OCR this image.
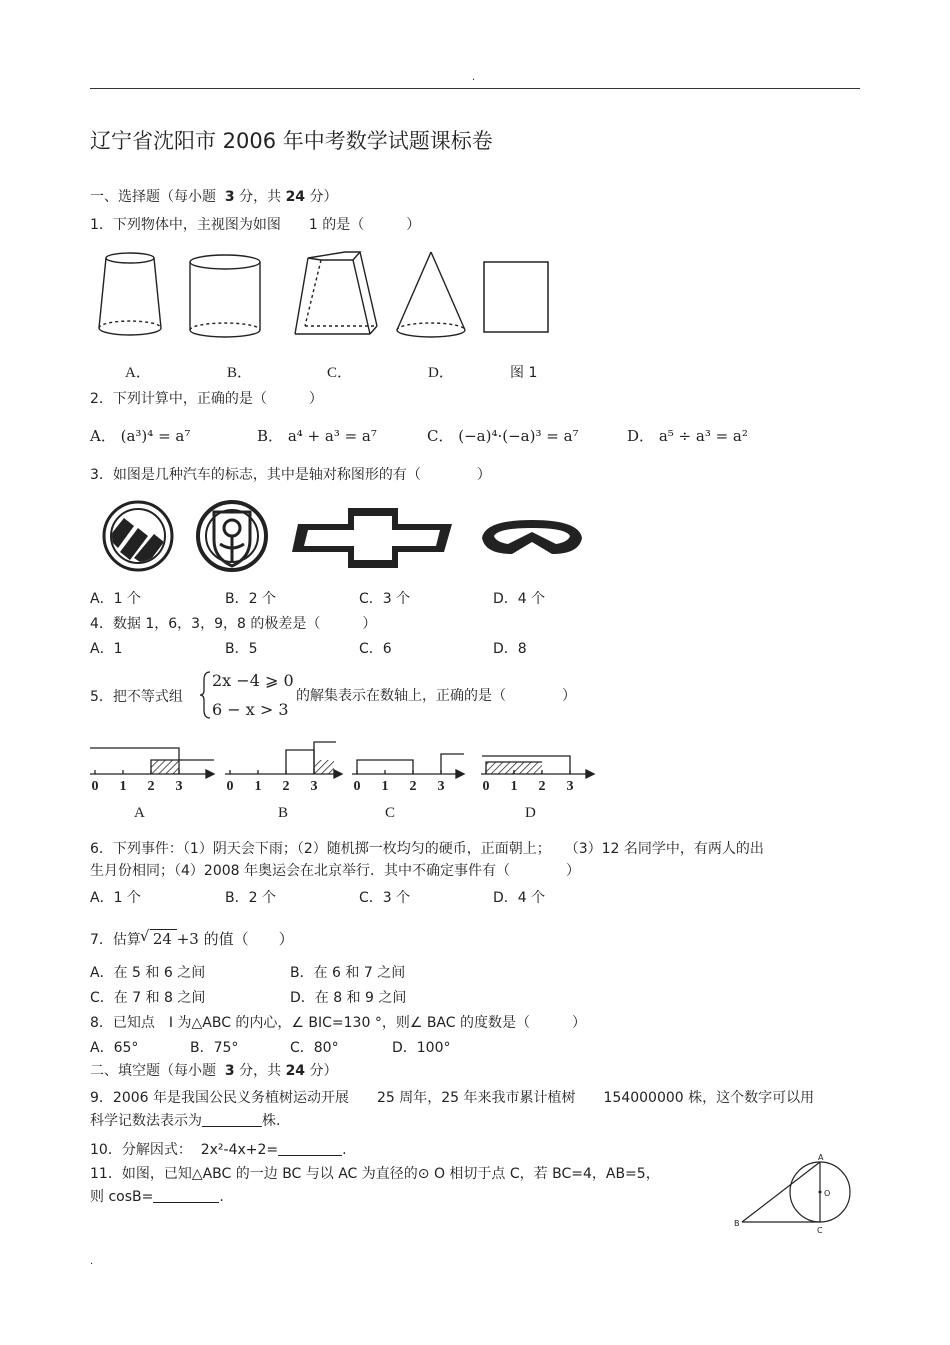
.
辽宁省沈阳市 2006 年中考数学试题课标卷
一、选择题（每小题 3 分，共 24 分）
1．下列物体中，主视图为如图　　1 的是（　　　）
A．	B．	C．	D．	图 1
2．下列计算中，正确的是（　　　）
A． (a³)⁴ = a⁷	B． a⁴ + a³ = a⁷	C． (−a)⁴·(−a)³ = a⁷	D． a⁵ ÷ a³ = a²
3．如图是几种汽车的标志，其中是轴对称图形的有（　　　　）
A．1 个	B．2 个	C．3 个	D．4 个
4．数据 1，6，3，9，8 的极差是（　　　）
A．1	B．5	C．6	D．8
5．把不等式组
2x −4 ⩾ 0
6 − x > 3
的解集表示在数轴上，正确的是（　　　　）
0 1 2 3	0 1 2 3	0 1 2 3	0 1 2 3
A	B	C	D
6．下列事件：（1）阴天会下雨；（2）随机掷一枚均匀的硬币，正面朝上；　　（3）12 名同学中，有两人的出
生月份相同；（4）2008 年奥运会在北京举行．其中不确定事件有（　　　　）
A．1 个	B．2 个	C．3 个	D．4 个
7．估算
√ 24 +3 的值（　　）
A．在 5 和 6 之间	B．在 6 和 7 之间
C．在 7 和 8 之间	D．在 8 和 9 之间
8．已知点　I 为△ABC 的内心，∠ BIC=130 °，则∠ BAC 的度数是（　　　）
A．65°	B．75°	C．80°	D．100°
二、填空题（每小题 3 分，共 24 分）
9．2006 年是我国公民义务植树运动开展　　25 周年，25 年来我市累计植树　　154000000 株，这个数字可以用
科学记数法表示为	株.
10．分解因式： 2x²-4x+2=	.
11．如图，已知△ABC 的一边 BC 与以 AC 为直径的⊙ O 相切于点 C，若 BC=4，AB=5，
则 cosB=	.
A
B
C
O
.
